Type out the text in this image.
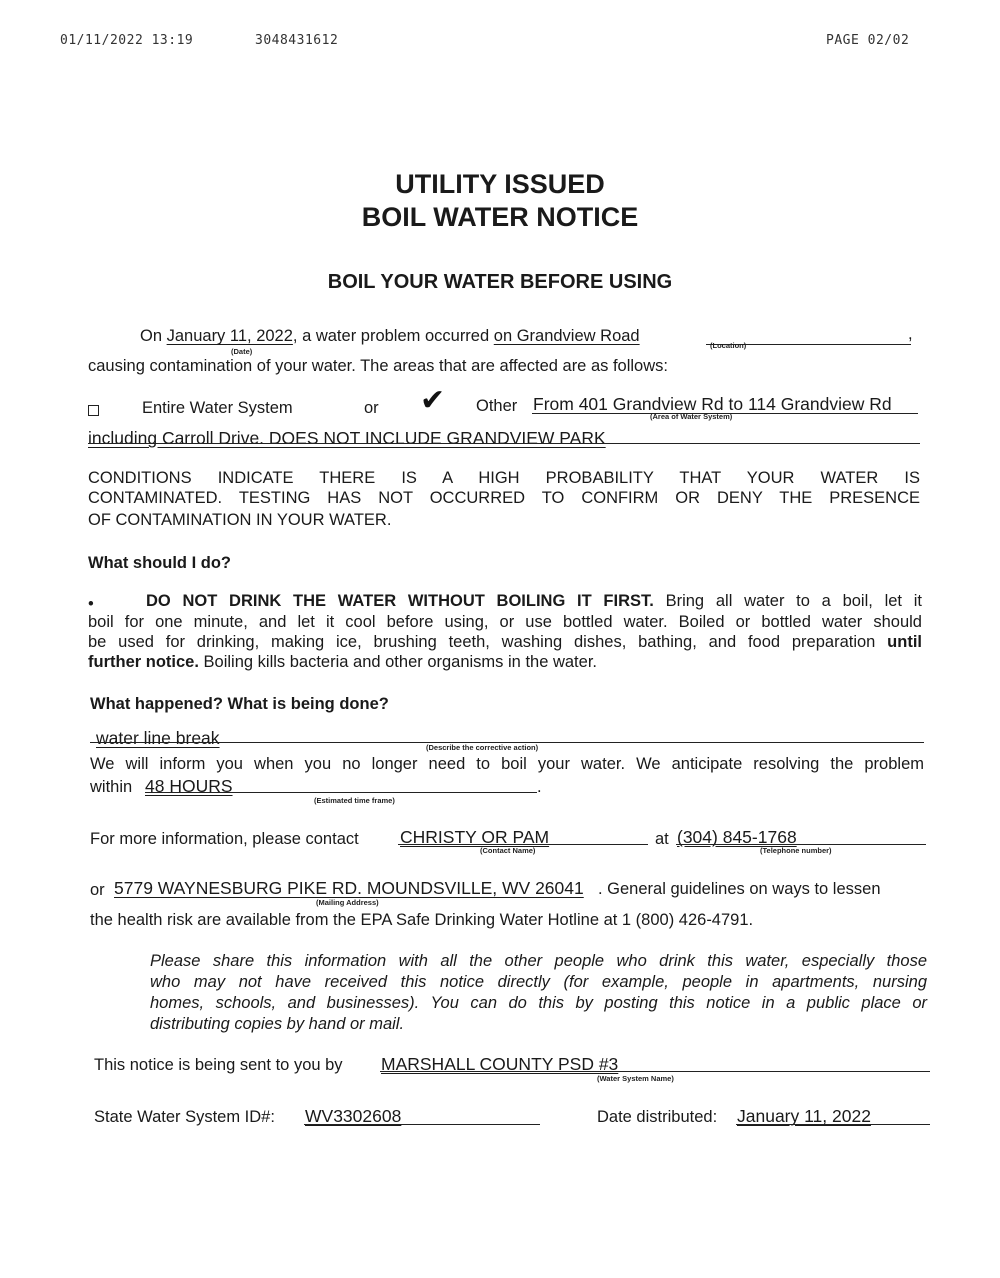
01/11/2022 13:19	3048431612	PAGE 02/02
UTILITY ISSUED
BOIL WATER NOTICE
BOIL YOUR WATER BEFORE USING
On January 11, 2022, a water problem occurred on Grandview Road	,
(Date)
(Location)
causing contamination of your water. The areas that are affected are as follows:
Entire Water System	or ✔ Other From 401 Grandview Rd to 114 Grandview Rd
(Area of Water System)
including Carroll Drive. DOES NOT INCLUDE GRANDVIEW PARK
CONDITIONS INDICATE THERE IS A HIGH PROBABILITY THAT YOUR WATER IS
CONTAMINATED. TESTING HAS NOT OCCURRED TO CONFIRM OR DENY THE PRESENCE
OF CONTAMINATION IN YOUR WATER.
What should I do?
•	DO NOT DRINK THE WATER WITHOUT BOILING IT FIRST. Bring all water to a boil, let it
boil for one minute, and let it cool before using, or use bottled water. Boiled or bottled water should
be used for drinking, making ice, brushing teeth, washing dishes, bathing, and food preparation until
further notice. Boiling kills bacteria and other organisms in the water.
What happened? What is being done?
water line break	(Describe the corrective action)
We will inform you when you no longer need to boil your water. We anticipate resolving the problem
within 48 HOURS	.
(Estimated time frame)
For more information, please contact CHRISTY OR PAM
(Contact Name)
at (304) 845-1768
(Telephone number)
or 5779 WAYNESBURG PIKE RD. MOUNDSVILLE, WV 26041 . General guidelines on ways to lessen
(Mailing Address)
the health risk are available from the EPA Safe Drinking Water Hotline at 1 (800) 426-4791.
Please share this information with all the other people who drink this water, especially those
who may not have received this notice directly (for example, people in apartments, nursing
homes, schools, and businesses). You can do this by posting this notice in a public place or
distributing copies by hand or mail.
This notice is being sent to you by MARSHALL COUNTY PSD #3
(Water System Name)
State Water System ID#: WV3302608	Date distributed: January 11, 2022
